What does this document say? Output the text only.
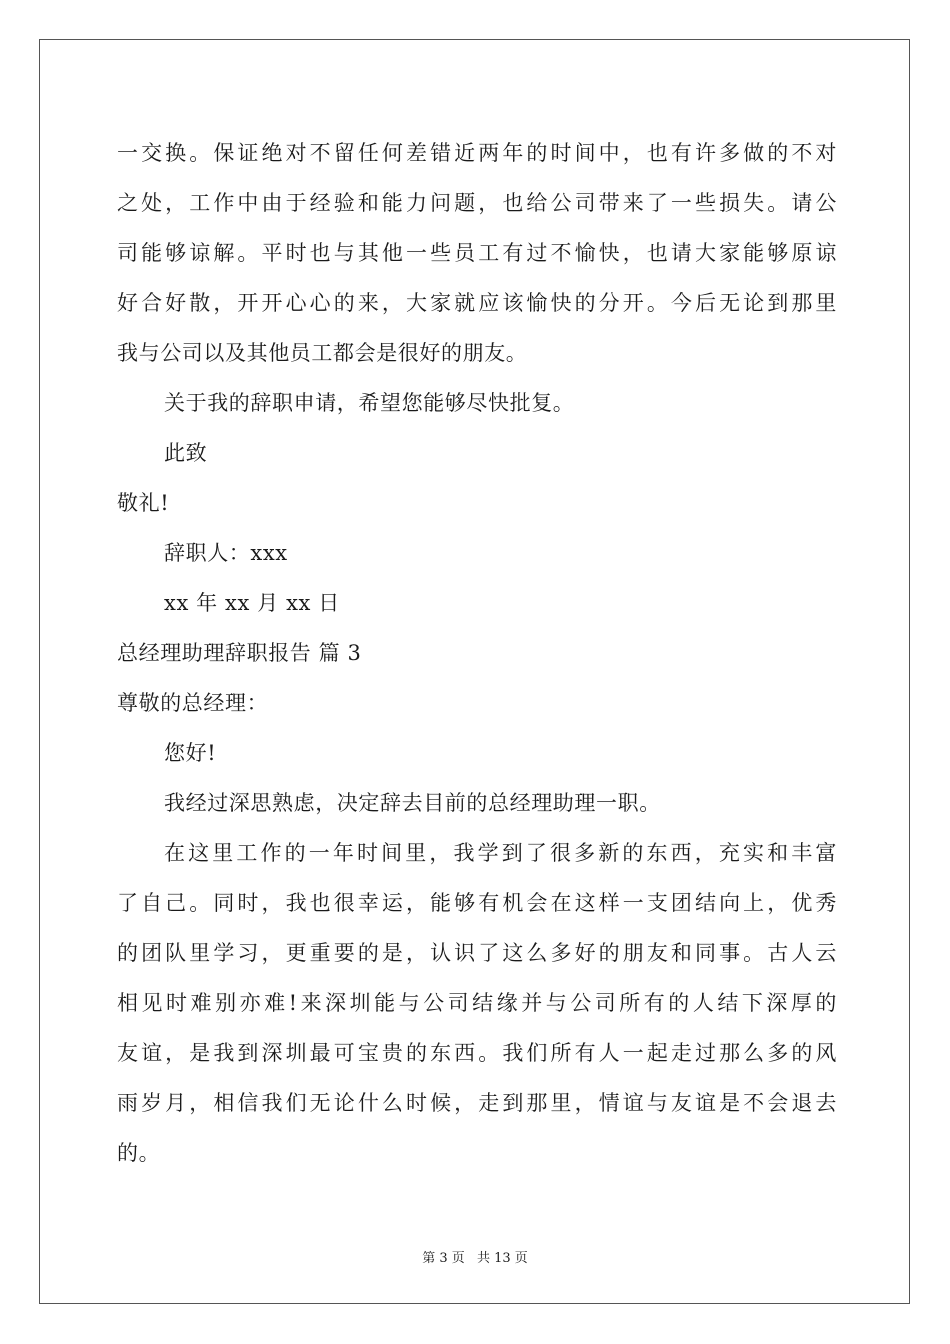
一交换。保证绝对不留任何差错近两年的时间中，也有许多做的不对
之处，工作中由于经验和能力问题，也给公司带来了一些损失。请公
司能够谅解。平时也与其他一些员工有过不愉快，也请大家能够原谅
好合好散，开开心心的来，大家就应该愉快的分开。今后无论到那里
我与公司以及其他员工都会是很好的朋友。
关于我的辞职申请，希望您能够尽快批复。
此致
敬礼!
辞职人：xxx
xx 年 xx 月 xx 日
总经理助理辞职报告 篇 3
尊敬的总经理：
您好!
我经过深思熟虑，决定辞去目前的总经理助理一职。
在这里工作的一年时间里，我学到了很多新的东西，充实和丰富
了自己。同时，我也很幸运，能够有机会在这样一支团结向上，优秀
的团队里学习，更重要的是，认识了这么多好的朋友和同事。古人云
相见时难别亦难!来深圳能与公司结缘并与公司所有的人结下深厚的
友谊，是我到深圳最可宝贵的东西。我们所有人一起走过那么多的风
雨岁月，相信我们无论什么时候，走到那里，情谊与友谊是不会退去
的。
第 3 页 共 13 页
